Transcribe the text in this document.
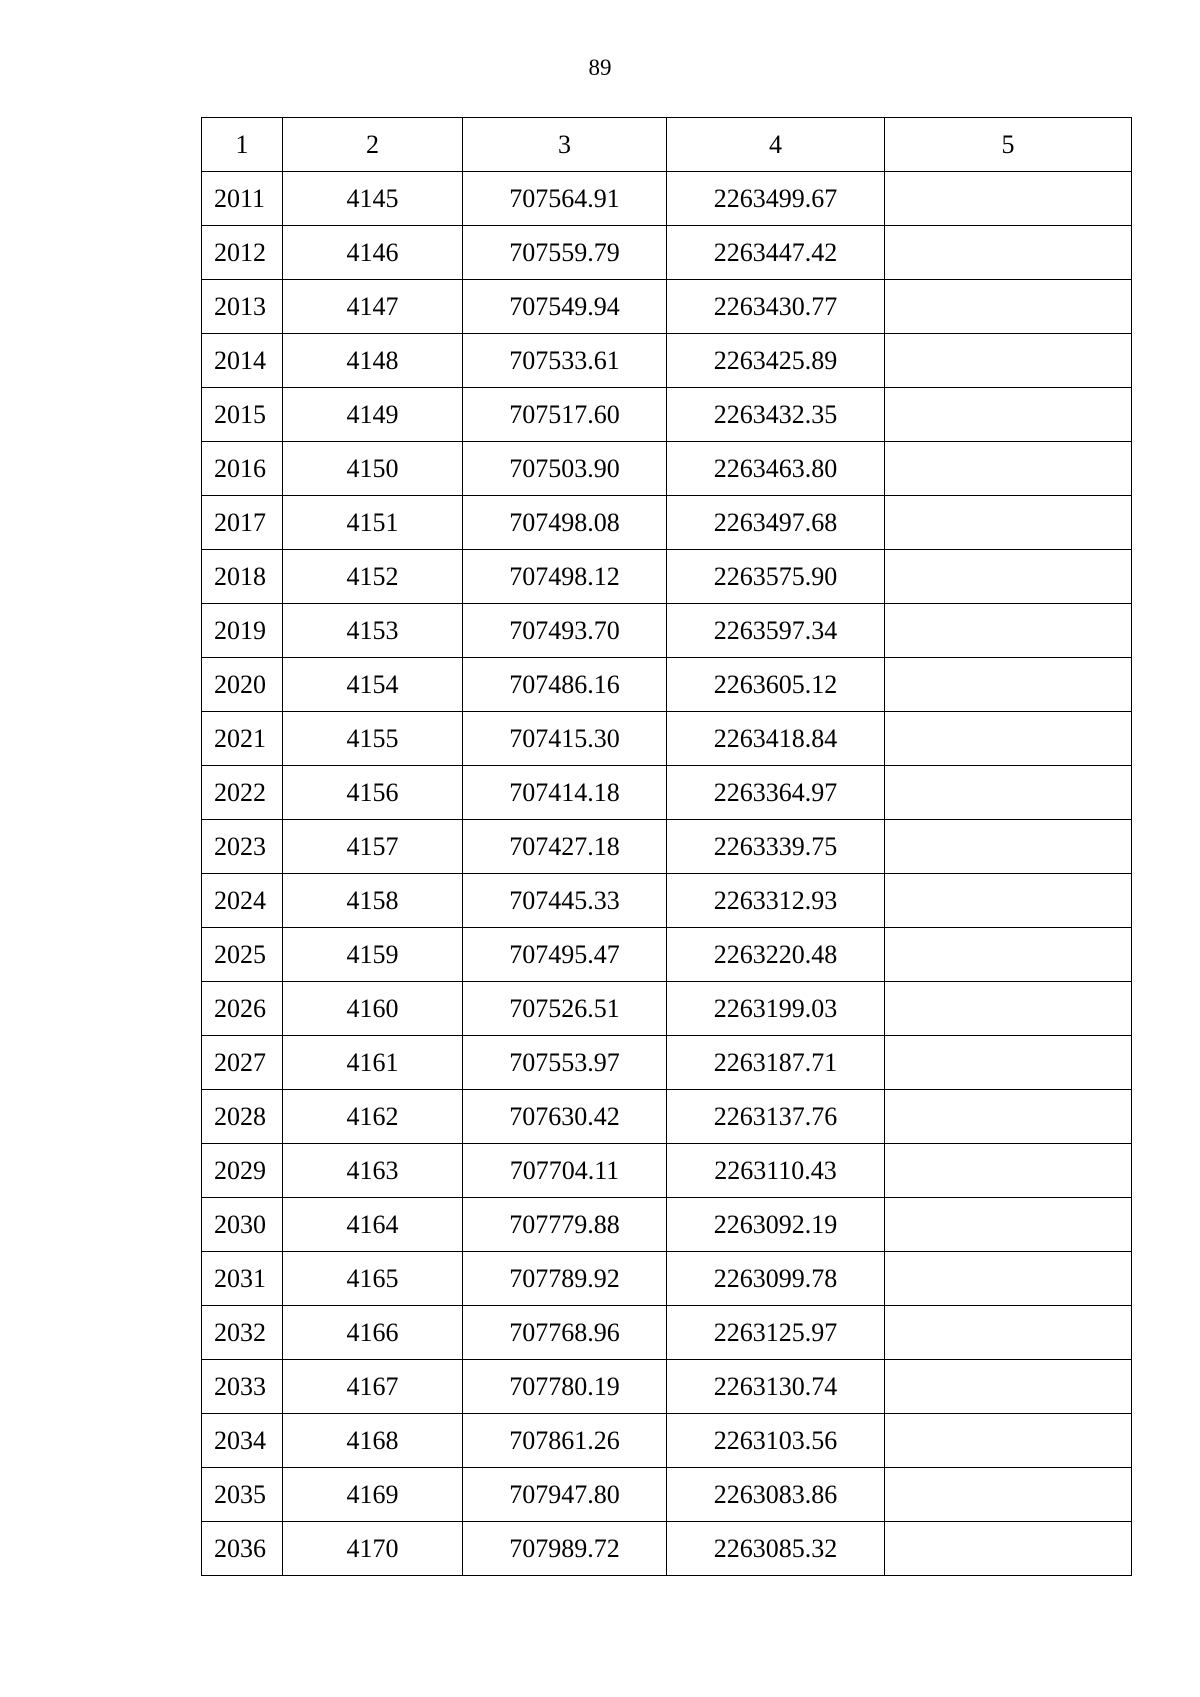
89
1	2	3	4	5
2011	4145	707564.91	2263499.67	
2012	4146	707559.79	2263447.42	
2013	4147	707549.94	2263430.77	
2014	4148	707533.61	2263425.89	
2015	4149	707517.60	2263432.35	
2016	4150	707503.90	2263463.80	
2017	4151	707498.08	2263497.68	
2018	4152	707498.12	2263575.90	
2019	4153	707493.70	2263597.34	
2020	4154	707486.16	2263605.12	
2021	4155	707415.30	2263418.84	
2022	4156	707414.18	2263364.97	
2023	4157	707427.18	2263339.75	
2024	4158	707445.33	2263312.93	
2025	4159	707495.47	2263220.48	
2026	4160	707526.51	2263199.03	
2027	4161	707553.97	2263187.71	
2028	4162	707630.42	2263137.76	
2029	4163	707704.11	2263110.43	
2030	4164	707779.88	2263092.19	
2031	4165	707789.92	2263099.78	
2032	4166	707768.96	2263125.97	
2033	4167	707780.19	2263130.74	
2034	4168	707861.26	2263103.56	
2035	4169	707947.80	2263083.86	
2036	4170	707989.72	2263085.32	
